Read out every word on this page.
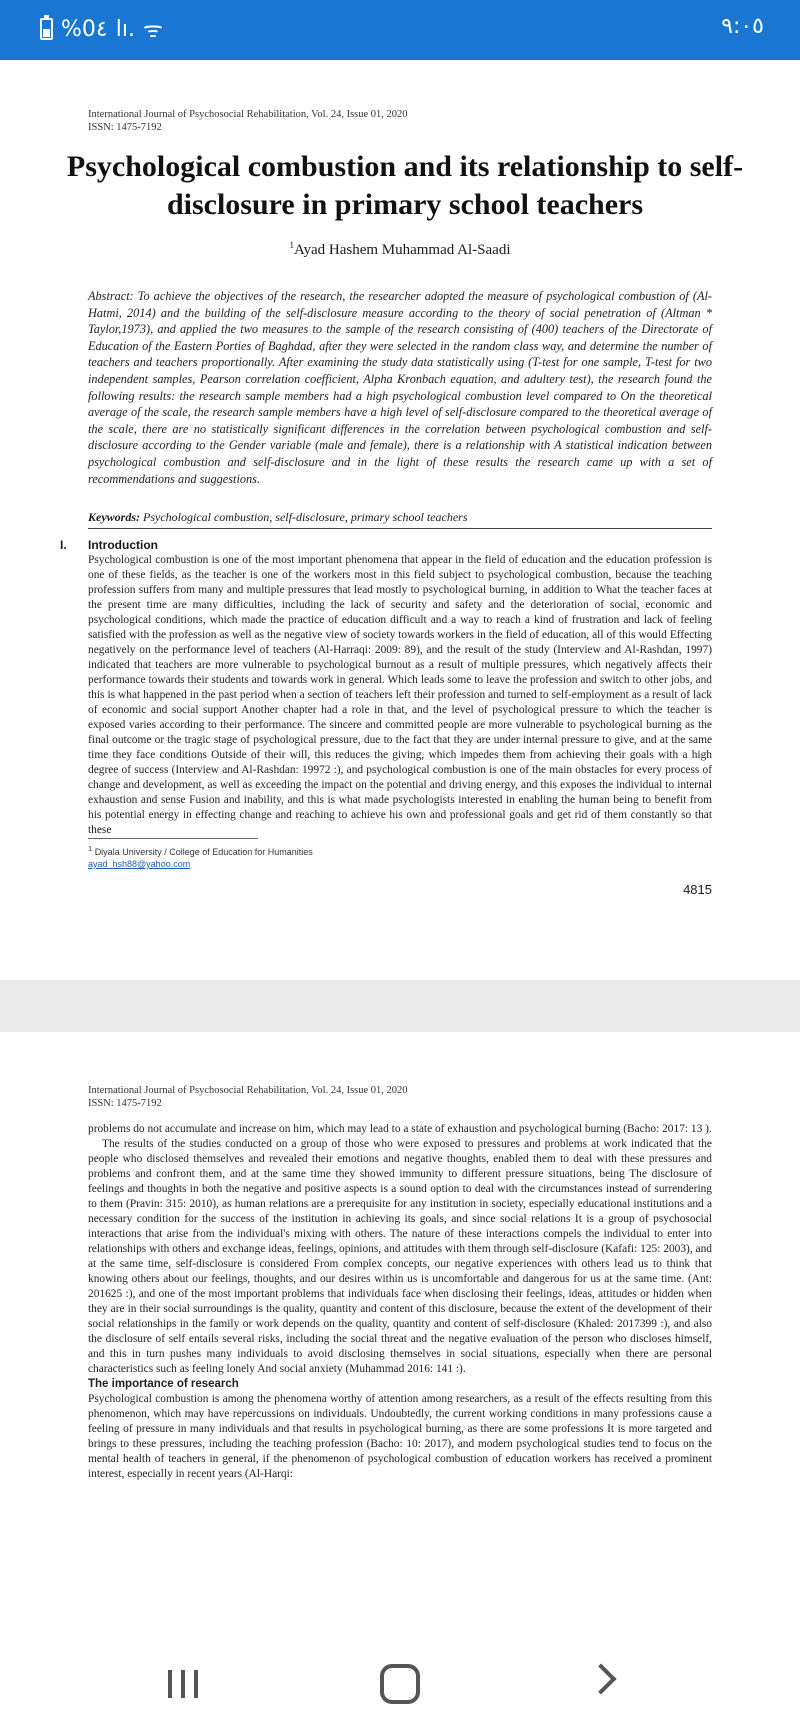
%0٤ lı. ᯤ	٩:٠٥
International Journal of Psychosocial Rehabilitation, Vol. 24, Issue 01, 2020
ISSN: 1475-7192
Psychological combustion and its relationship to self-disclosure in primary school teachers
$^1$Ayad Hashem Muhammad Al-Saadi
Abstract: To achieve the objectives of the research, the researcher adopted the measure of psychological combustion of (Al-Hatmi, 2014) and the building of the self-disclosure measure according to the theory of social penetration of (Altman * Taylor,1973), and applied the two measures to the sample of the research consisting of (400) teachers of the Directorate of Education of the Eastern Porties of Baghdad, after they were selected in the random class way, and determine the number of teachers and teachers proportionally. After examining the study data statistically using (T-test for one sample, T-test for two independent samples, Pearson correlation coefficient, Alpha Kronbach equation, and adultery test), the research found the following results: the research sample members had a high psychological combustion level compared to On the theoretical average of the scale, the research sample members have a high level of self-disclosure compared to the theoretical average of the scale, there are no statistically significant differences in the correlation between psychological combustion and self-disclosure according to the Gender variable (male and female), there is a relationship with A statistical indication between psychological combustion and self-disclosure and in the light of these results the research came up with a set of recommendations and suggestions.
Keywords: Psychological combustion, self-disclosure, primary school teachers
I. Introduction
Psychological combustion is one of the most important phenomena that appear in the field of education and the education profession is one of these fields, as the teacher is one of the workers most in this field subject to psychological combustion, because the teaching profession suffers from many and multiple pressures that lead mostly to psychological burning, in addition to What the teacher faces at the present time are many difficulties, including the lack of security and safety and the deterioration of social, economic and psychological conditions, which made the practice of education difficult and a way to reach a kind of frustration and lack of feeling satisfied with the profession as well as the negative view of society towards workers in the field of education, all of this would Effecting negatively on the performance level of teachers (Al-Harraqi: 2009: 89), and the result of the study (Interview and Al-Rashdan, 1997) indicated that teachers are more vulnerable to psychological burnout as a result of multiple pressures, which negatively affects their performance towards their students and towards work in general. Which leads some to leave the profession and switch to other jobs, and this is what happened in the past period when a section of teachers left their profession and turned to self-employment as a result of lack of economic and social support Another chapter had a role in that, and the level of psychological pressure to which the teacher is exposed varies according to their performance. The sincere and committed people are more vulnerable to psychological burning as the final outcome or the tragic stage of psychological pressure, due to the fact that they are under internal pressure to give, and at the same time they face conditions Outside of their will, this reduces the giving, which impedes them from achieving their goals with a high degree of success (Interview and Al-Rashdan: 19972 :), and psychological combustion is one of the main obstacles for every process of change and development, as well as exceeding the impact on the potential and driving energy, and this exposes the individual to internal exhaustion and sense Fusion and inability, and this is what made psychologists interested in enabling the human being to benefit from his potential energy in effecting change and reaching to achieve his own and professional goals and get rid of them constantly so that these
$^1$ Diyala University / College of Education for Humanities
ayad_hsh88@yahoo.com
4815
International Journal of Psychosocial Rehabilitation, Vol. 24, Issue 01, 2020
ISSN: 1475-7192

problems do not accumulate and increase on him, which may lead to a state of exhaustion and psychological burning (Bacho: 2017: 13 ).

The results of the studies conducted on a group of those who were exposed to pressures and problems at work indicated that the people who disclosed themselves and revealed their emotions and negative thoughts, enabled them to deal with these pressures and problems and confront them, and at the same time they showed immunity to different pressure situations, being The disclosure of feelings and thoughts in both the negative and positive aspects is a sound option to deal with the circumstances instead of surrendering to them (Pravin: 315: 2010), as human relations are a prerequisite for any institution in society, especially educational institutions and a necessary condition for the success of the institution in achieving its goals, and since social relations It is a group of psychosocial interactions that arise from the individual's mixing with others. The nature of these interactions compels the individual to enter into relationships with others and exchange ideas, feelings, opinions, and attitudes with them through self-disclosure (Kafafi: 125: 2003), and at the same time, self-disclosure is considered From complex concepts, our negative experiences with others lead us to think that knowing others about our feelings, thoughts, and our desires within us is uncomfortable and dangerous for us at the same time. (Ant: 201625 :), and one of the most important problems that individuals face when disclosing their feelings, ideas, attitudes or hidden when they are in their social surroundings is the quality, quantity and content of this disclosure, because the extent of the development of their social relationships in the family or work depends on the quality, quantity and content of self-disclosure (Khaled: 2017399 :), and also the disclosure of self entails several risks, including the social threat and the negative evaluation of the person who discloses himself, and this in turn pushes many individuals to avoid disclosing themselves in social situations, especially when there are personal characteristics such as feeling lonely And social anxiety (Muhammad 2016: 141 :).

The importance of research

Psychological combustion is among the phenomena worthy of attention among researchers, as a result of the effects resulting from this phenomenon, which may have repercussions on individuals. Undoubtedly, the current working conditions in many professions cause a feeling of pressure in many individuals and that results in psychological burning, as there are some professions It is more targeted and brings to these pressures, including the teaching profession (Bacho: 10: 2017), and modern psychological studies tend to focus on the mental health of teachers in general, if the phenomenon of psychological combustion of education workers has received a prominent interest, especially in recent years (Al-Harqi:
